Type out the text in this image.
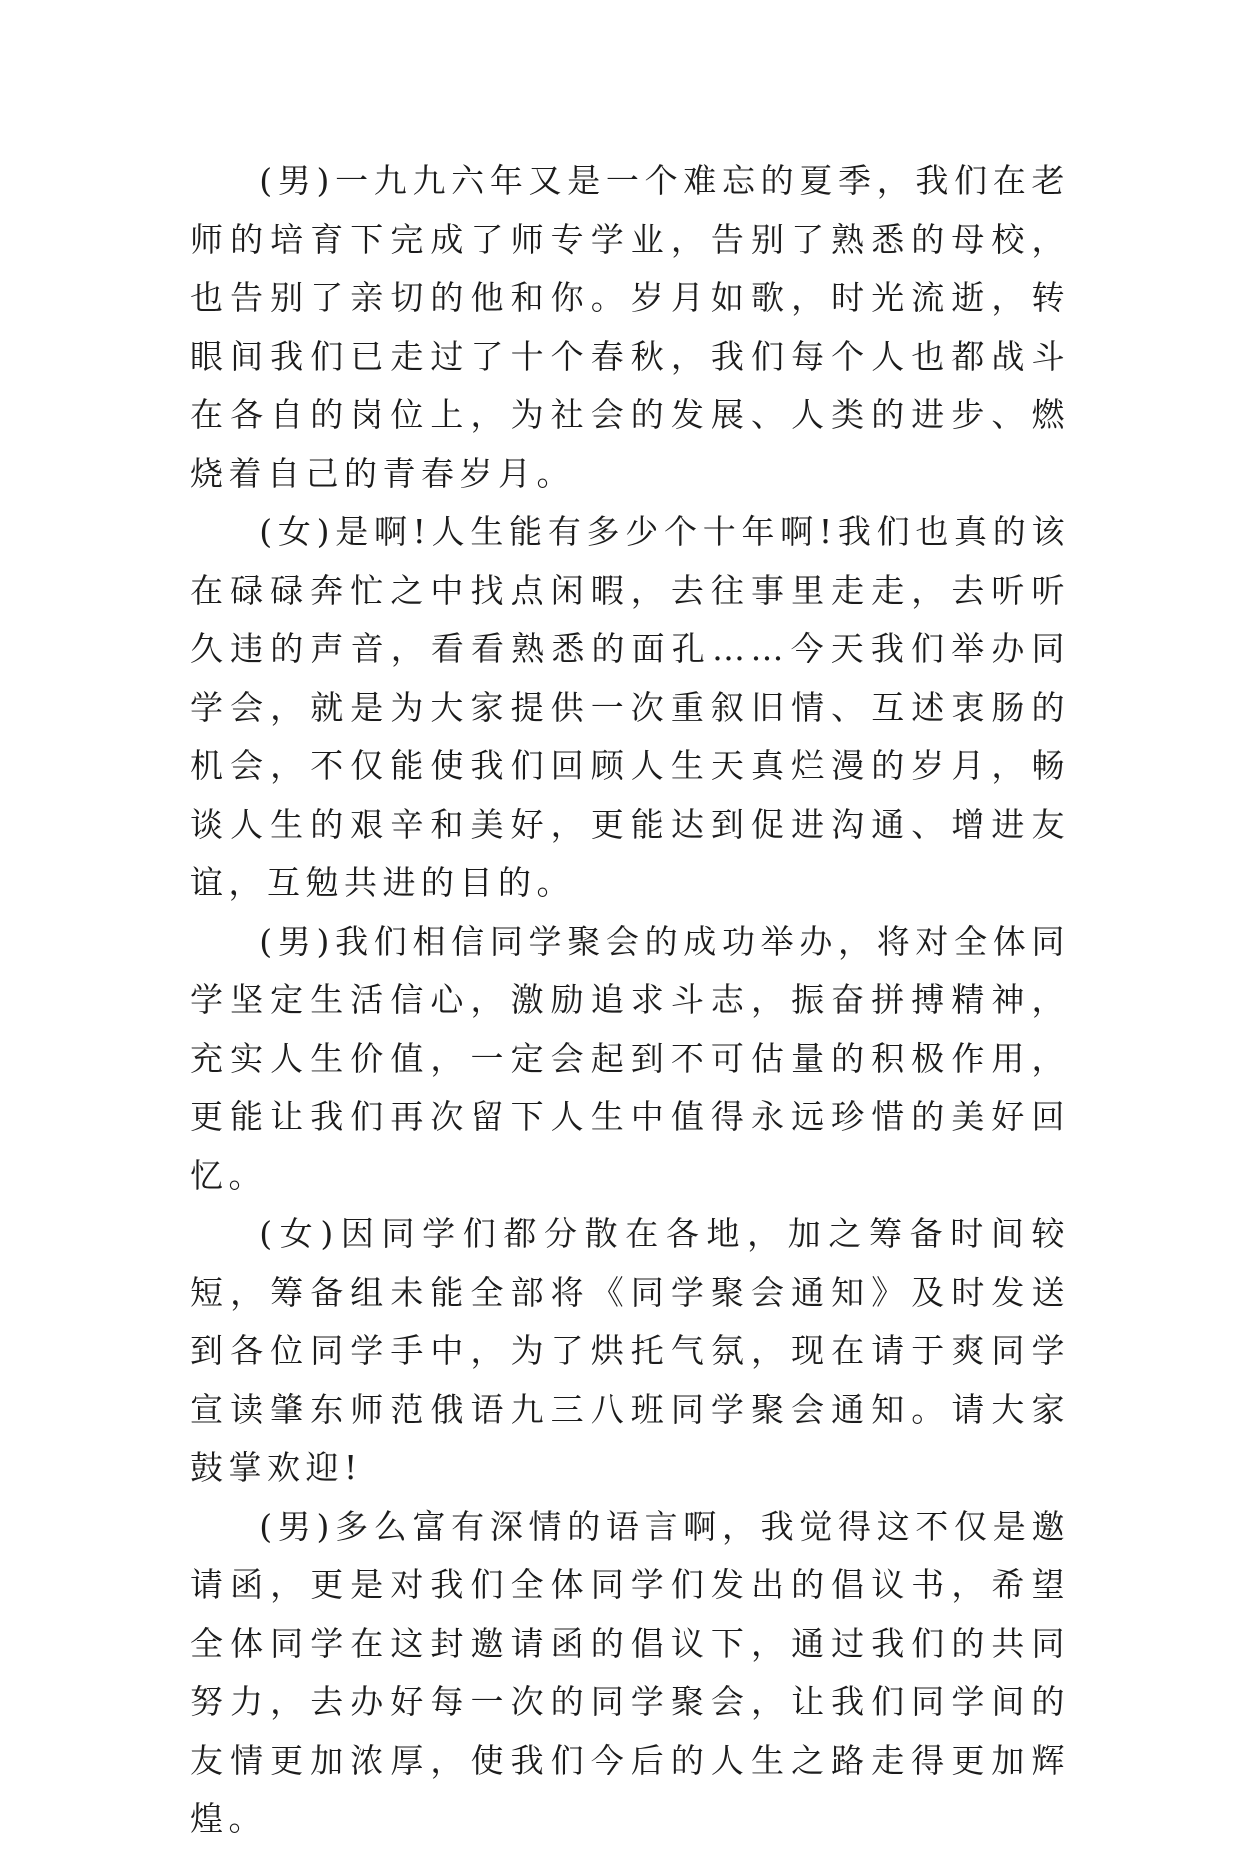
(男)一九九六年又是一个难忘的夏季，我们在老师的培育下完成了师专学业，告别了熟悉的母校，也告别了亲切的他和你。岁月如歌，时光流逝，转眼间我们已走过了十个春秋，我们每个人也都战斗在各自的岗位上，为社会的发展、人类的进步、燃烧着自己的青春岁月。

(女)是啊!人生能有多少个十年啊!我们也真的该在碌碌奔忙之中找点闲暇，去往事里走走，去听听久违的声音，看看熟悉的面孔……今天我们举办同学会，就是为大家提供一次重叙旧情、互述衷肠的机会，不仅能使我们回顾人生天真烂漫的岁月，畅谈人生的艰辛和美好，更能达到促进沟通、增进友谊，互勉共进的目的。

(男)我们相信同学聚会的成功举办，将对全体同学坚定生活信心，激励追求斗志，振奋拼搏精神，充实人生价值，一定会起到不可估量的积极作用，更能让我们再次留下人生中值得永远珍惜的美好回忆。

(女)因同学们都分散在各地，加之筹备时间较短，筹备组未能全部将《同学聚会通知》及时发送到各位同学手中，为了烘托气氛，现在请于爽同学宣读肇东师范俄语九三八班同学聚会通知。请大家鼓掌欢迎!

(男)多么富有深情的语言啊，我觉得这不仅是邀请函，更是对我们全体同学们发出的倡议书，希望全体同学在这封邀请函的倡议下，通过我们的共同努力，去办好每一次的同学聚会，让我们同学间的友情更加浓厚，使我们今后的人生之路走得更加辉煌。
